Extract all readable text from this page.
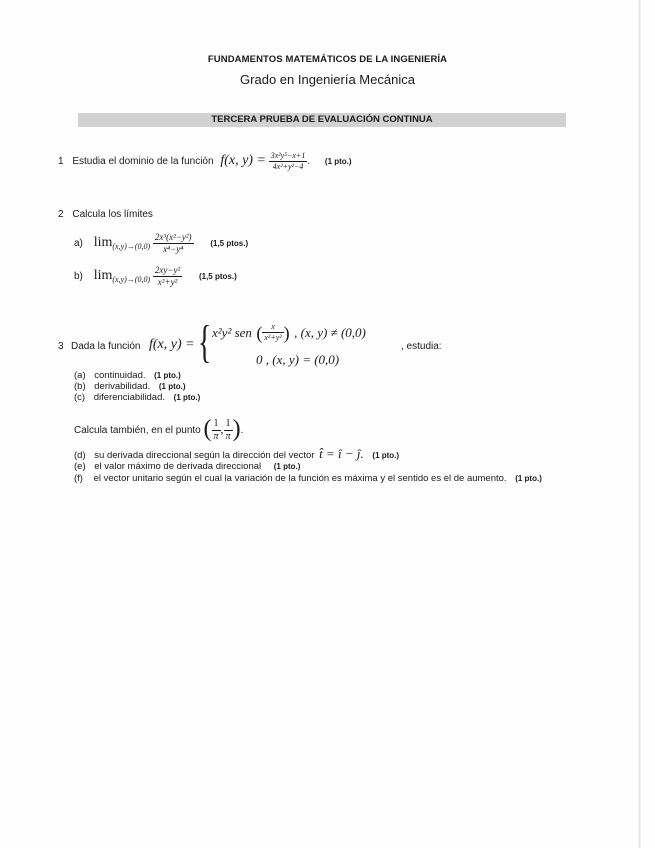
FUNDAMENTOS MATEMÁTICOS DE LA INGENIERÍA
Grado en Ingeniería Mecánica
TERCERA PRUEBA DE EVALUACIÓN CONTINUA
1 Estudia el dominio de la función f(x, $y) = \frac{\text{3x²y⁵−x+1}}{\text{4x²+y²−4}}$ . (1 pto.)
2 Calcula los límites
a) $\lim_{(x,y)\to(0,0)} \frac{\text{2x³(x²−y²)}}{\text{x⁴−y⁴}} (1,5$ ptos.)
b) $\lim_{(x,y)\to(0,0)} \frac{\text{2xy−y²}}{\text{x²+y²}} (1,5$ ptos.)
3 Dada la función f(x, y) = { x²y² sen ( $\frac{x}{\text{x²+y²}}$ ) , (x, y) ≠ (0,0)
0 , (x, y) = (0,0)
, estudia:
(a) continuidad. (1 pto.)
(b) derivabilidad. (1 pto.)
(c) diferenciabilidad. (1 pto.)
Calcula también, en el punto ( $\frac{1}{\pi}$ , $\frac{1}{\pi}$ ).
(d) su derivada direccional según la dirección del vector t̂ = î − ĵ. (1 pto.)
(e) el valor máximo de derivada direccional (1 pto.)
(f) el vector unitario según el cual la variación de la función es máxima y el sentido es el de aumento. (1 pto.)
